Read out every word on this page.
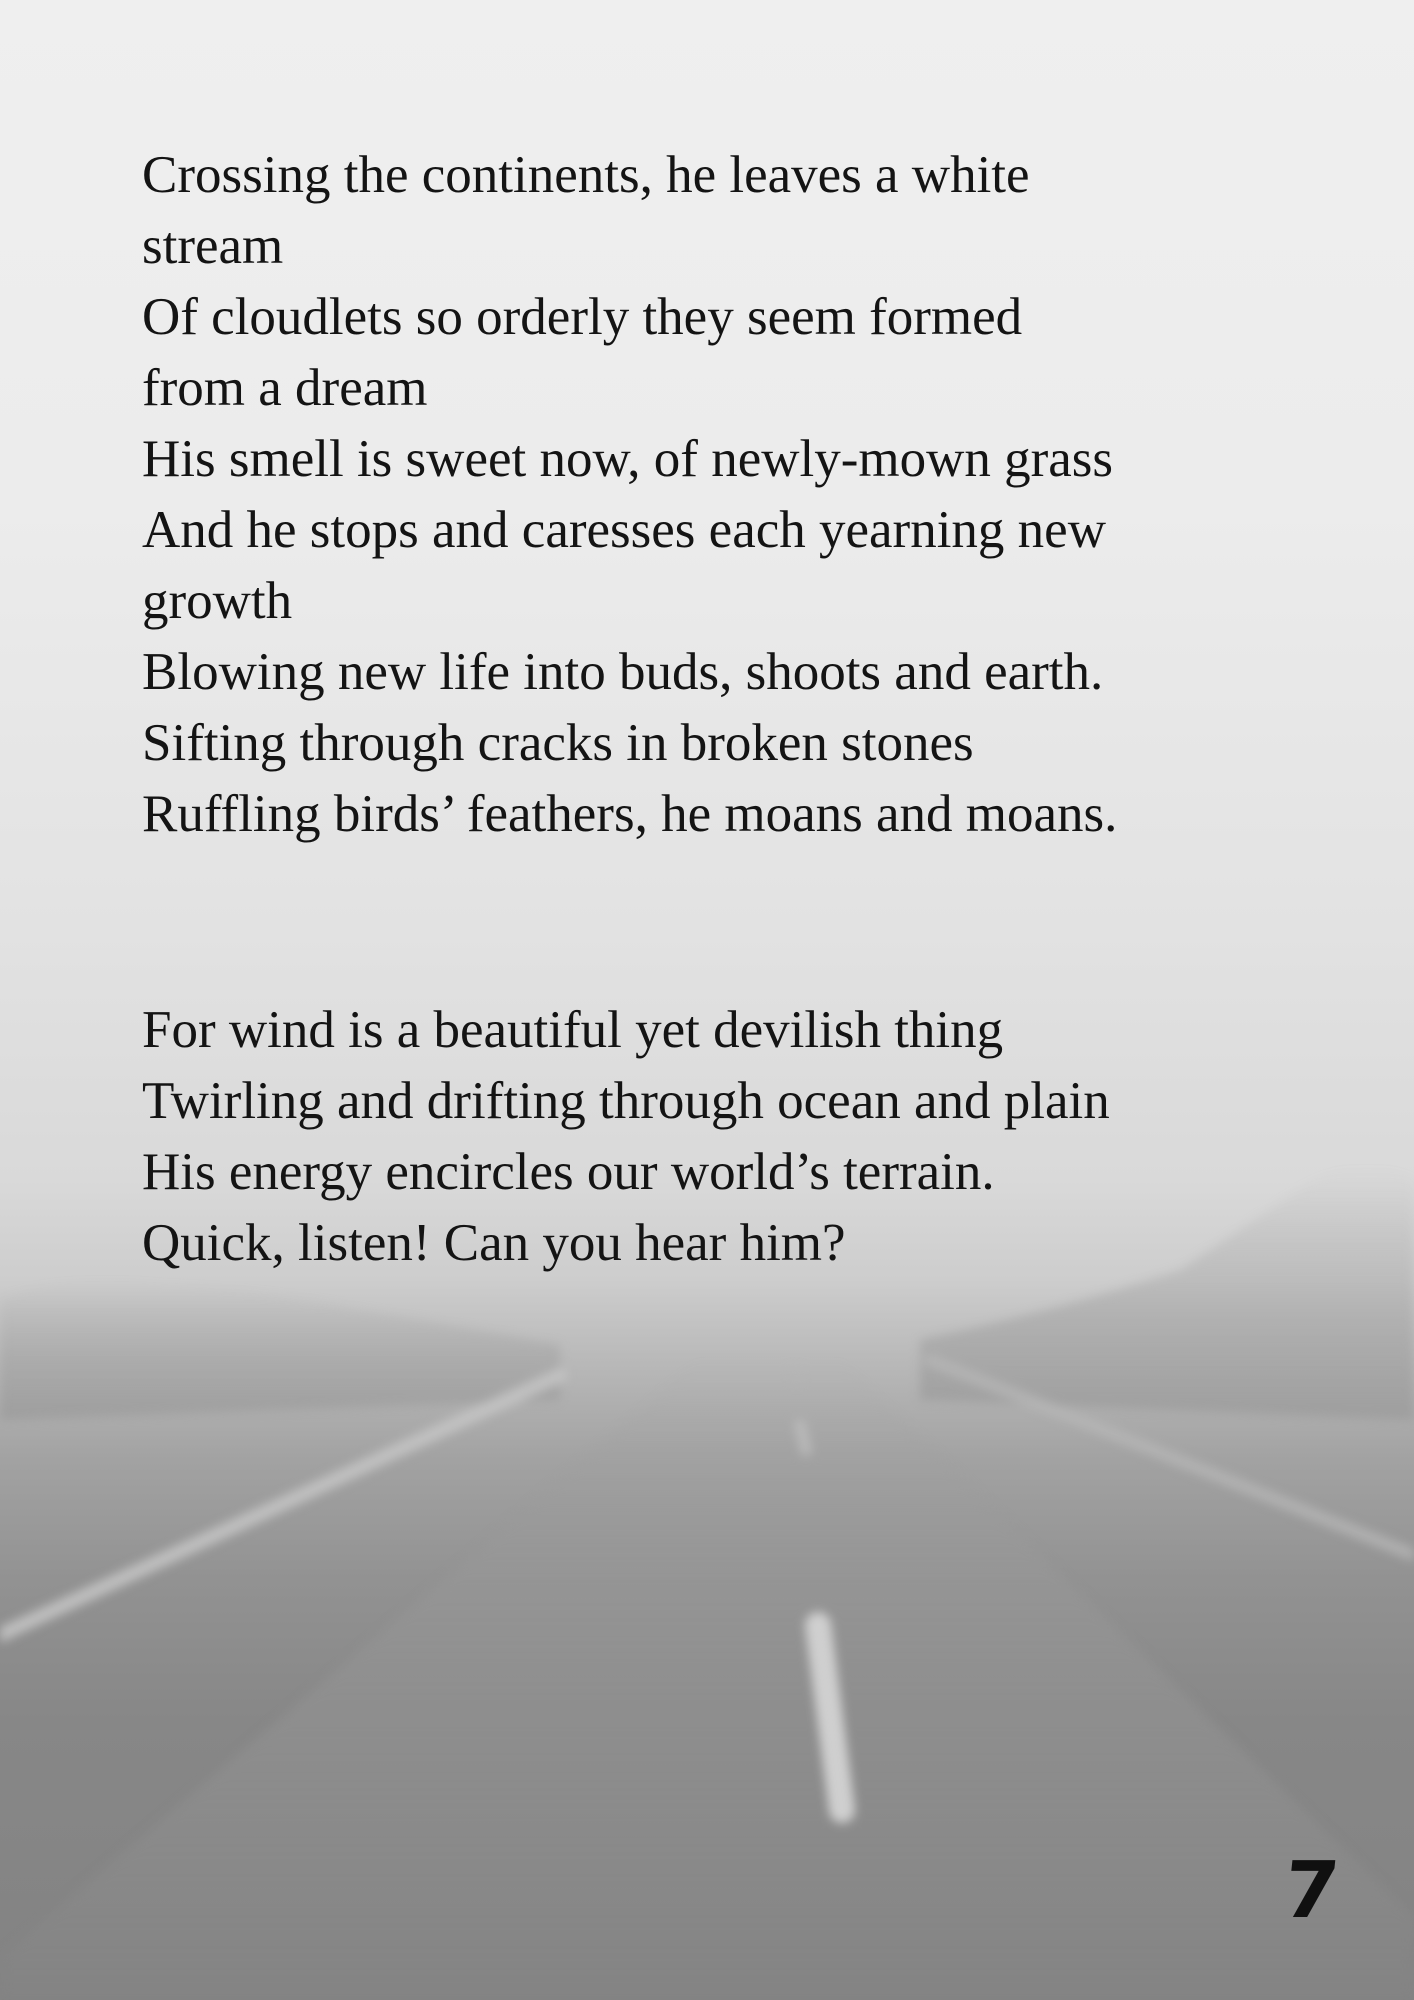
Crossing the continents, he leaves a white
stream
Of cloudlets so orderly they seem formed
from a dream
His smell is sweet now, of newly-mown grass
And he stops and caresses each yearning new
growth
Blowing new life into buds, shoots and earth.
Sifting through cracks in broken stones
Ruffling birds’ feathers, he moans and moans.
For wind is a beautiful yet devilish thing
Twirling and drifting through ocean and plain
His energy encircles our world’s terrain.
Quick, listen! Can you hear him?
7
